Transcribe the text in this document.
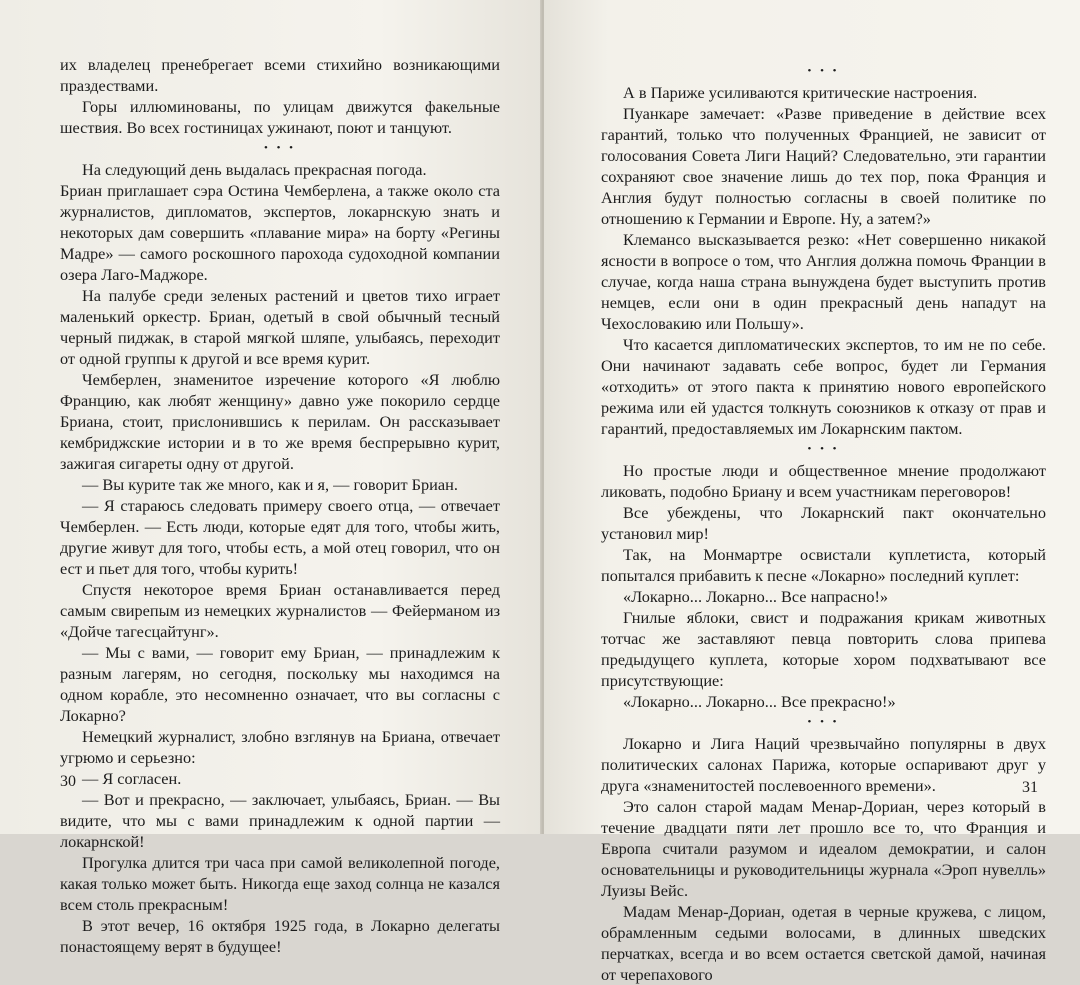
их владелец пренебрегает всеми стихийно возникающими праздествами.

Горы иллюминованы, по улицам движутся факельные шествия. Во всех гостиницах ужинают, поют и танцуют.

• • •

На следующий день выдалась прекрасная погода.

Бриан приглашает сэра Остина Чемберлена, а также около ста журналистов, дипломатов, экспертов, локарнскую знать и некоторых дам совершить «плавание мира» на борту «Регины Мадре» — самого роскошного парохода судоходной компании озера Лаго-Маджоре.

На палубе среди зеленых растений и цветов тихо играет маленький оркестр. Бриан, одетый в свой обычный тесный черный пиджак, в старой мягкой шляпе, улыбаясь, переходит от одной группы к другой и все время курит.

Чемберлен, знаменитое изречение которого «Я люблю Францию, как любят женщину» давно уже покорило сердце Бриана, стоит, прислонившись к перилам. Он рассказывает кембриджские истории и в то же время беспрерывно курит, зажигая сигареты одну от другой.

— Вы курите так же много, как и я, — говорит Бриан.

— Я стараюсь следовать примеру своего отца, — отвечает Чемберлен. — Есть люди, которые едят для того, чтобы жить, другие живут для того, чтобы есть, а мой отец говорил, что он ест и пьет для того, чтобы курить!

Спустя некоторое время Бриан останавливается перед самым свирепым из немецких журналистов — Фейерманом из «Дойче тагесцайтунг».

— Мы с вами, — говорит ему Бриан, — принадлежим к разным лагерям, но сегодня, поскольку мы находимся на одном корабле, это несомненно означает, что вы согласны с Локарно?

Немецкий журналист, злобно взглянув на Бриана, отвечает угрюмо и серьезно:

— Я согласен.

— Вот и прекрасно, — заключает, улыбаясь, Бриан. — Вы видите, что мы с вами принадлежим к одной партии — локарнской!

Прогулка длится три часа при самой великолепной погоде, какая только может быть. Никогда еще заход солнца не казался всем столь прекрасным!

В этот вечер, 16 октября 1925 года, в Локарно делегаты понастоящему верят в будущее!

30
• • •

А в Париже усиливаются критические настроения.

Пуанкаре замечает: «Разве приведение в действие всех гарантий, только что полученных Францией, не зависит от голосования Совета Лиги Наций? Следовательно, эти гарантии сохраняют свое значение лишь до тех пор, пока Франция и Англия будут полностью согласны в своей политике по отношению к Германии и Европе. Ну, а затем?»

Клемансо высказывается резко: «Нет совершенно никакой ясности в вопросе о том, что Англия должна помочь Франции в случае, когда наша страна вынуждена будет выступить против немцев, если они в один прекрасный день нападут на Чехословакию или Польшу».

Что касается дипломатических экспертов, то им не по себе. Они начинают задавать себе вопрос, будет ли Германия «отходить» от этого пакта к принятию нового европейского режима или ей удастся толкнуть союзников к отказу от прав и гарантий, предоставляемых им Локарнским пактом.

• • •

Но простые люди и общественное мнение продолжают ликовать, подобно Бриану и всем участникам переговоров!

Все убеждены, что Локарнский пакт окончательно установил мир!

Так, на Монмартре освистали куплетиста, который попытался прибавить к песне «Локарно» последний куплет:

«Локарно... Локарно... Все напрасно!»

Гнилые яблоки, свист и подражания крикам животных тотчас же заставляют певца повторить слова припева предыдущего куплета, которые хором подхватывают все присутствующие:

«Локарно... Локарно... Все прекрасно!»

• • •

Локарно и Лига Наций чрезвычайно популярны в двух политических салонах Парижа, которые оспаривают друг у друга «знаменитостей послевоенного времени».

Это салон старой мадам Менар-Дориан, через который в течение двадцати пяти лет прошло все то, что Франция и Европа считали разумом и идеалом демократии, и салон основательницы и руководительницы журнала «Эроп нувелль» Луизы Вейс.

Мадам Менар-Дориан, одетая в черные кружева, с лицом, обрамленным седыми волосами, в длинных шведских перчатках, всегда и во всем остается светской дамой, начиная от черепахового

31
